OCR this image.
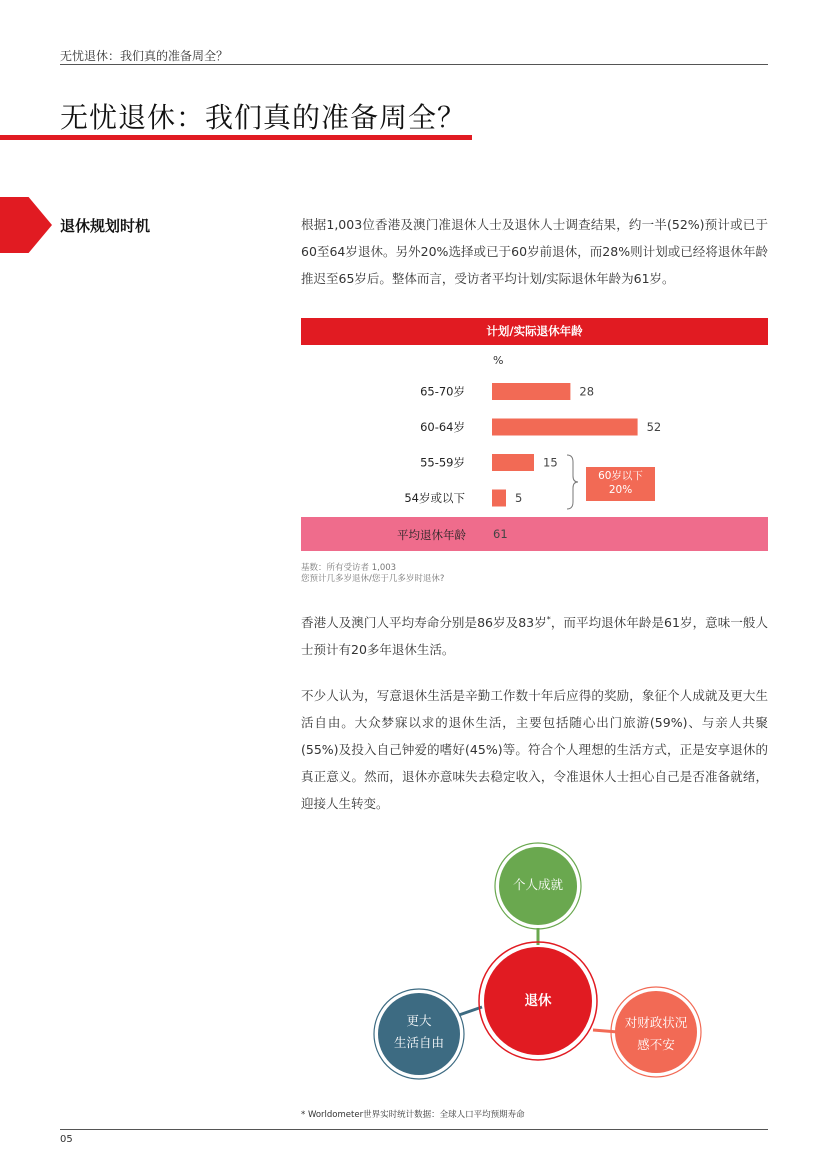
无忧退休：我们真的准备周全？
无忧退休：我们真的准备周全？
退休规划时机	根据1,003位香港及澳门准退休人士及退休人士调查结果，约一半(52%)预计或已于60至64岁退休。另外20%选择或已于60岁前退休，而28%则计划或已经将退休年龄推迟至65岁后。整体而言，受访者平均计划/实际退休年龄为61岁。

计划/实际退休年龄
%
65-70岁	28
60-64岁	52
55-59岁	15
54岁或以下	5
60岁以下
20%
平均退休年龄 61
基数：所有受访者 1,003
您预计几多岁退休/您于几多岁时退休?

香港人及澳门人平均寿命分别是86岁及83岁*，而平均退休年龄是61岁，意味一般人士预计有20多年退休生活。

不少人认为，写意退休生活是辛勤工作数十年后应得的奖励，象征个人成就及更大生活自由。大众梦寐以求的退休生活，主要包括随心出门旅游(59%)、与亲人共聚(55%)及投入自己钟爱的嗜好(45%)等。符合个人理想的生活方式，正是安享退休的真正意义。然而，退休亦意味失去稳定收入，令准退休人士担心自己是否准备就绪，迎接人生转变。

个人成就
退休
更大
生活自由
对财政状况
感不安
* Worldometer世界实时统计数据：全球人口平均预期寿命
05
